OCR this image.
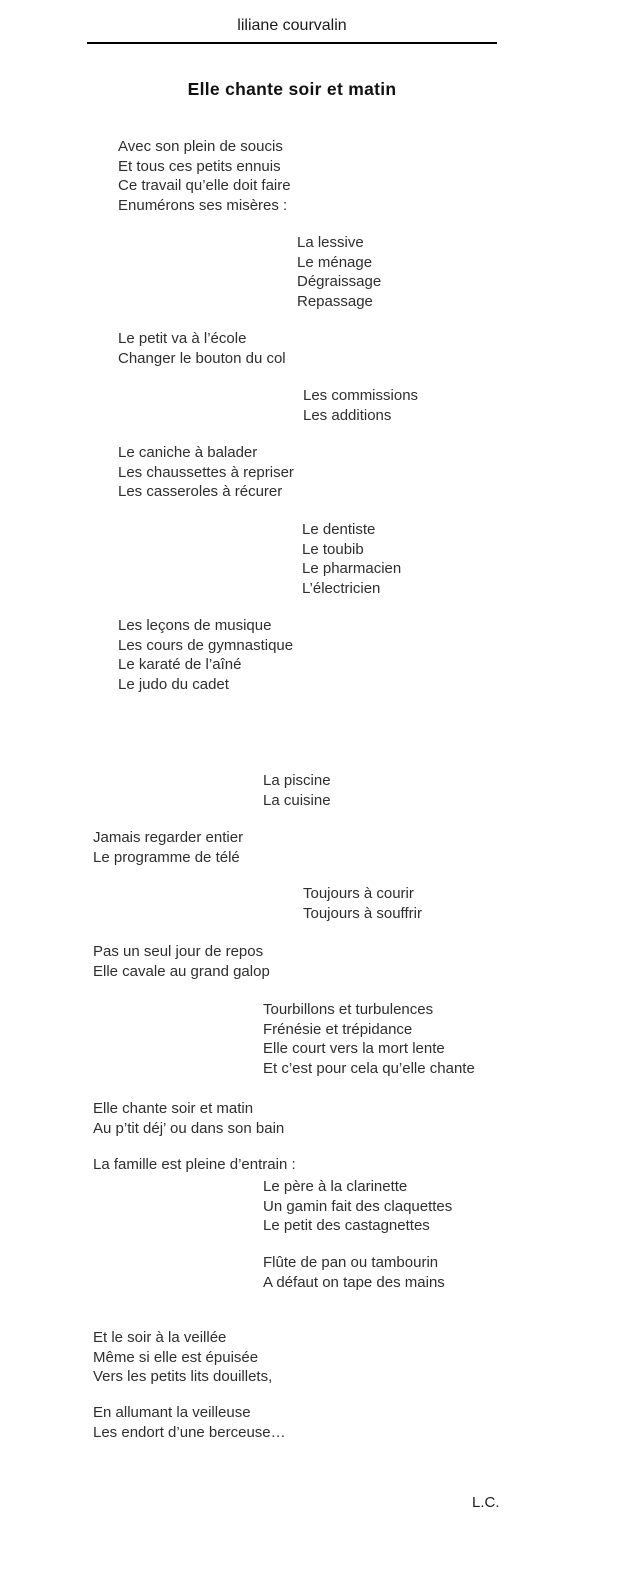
liliane courvalin
Elle chante soir et matin
Avec son plein de soucis
Et tous ces petits ennuis
Ce travail qu’elle doit faire
Enumérons ses misères :
La lessive
Le ménage
Dégraissage
Repassage
Le petit va à l’école
Changer le bouton du col
Les commissions
Les additions
Le caniche à balader
Les chaussettes à repriser
Les casseroles à récurer
Le dentiste
Le toubib
Le pharmacien
L’électricien
Les leçons de musique
Les cours de gymnastique
Le karaté de l’aîné
Le judo du cadet
La piscine
La cuisine
Jamais regarder entier
Le programme de télé
Toujours à courir
Toujours à souffrir
Pas un seul jour de repos
Elle cavale au grand galop
Tourbillons et turbulences
Frénésie et trépidance
Elle court vers la mort lente
Et c’est pour cela qu’elle chante
Elle chante soir et matin
Au p’tit déj’ ou dans son bain
La famille est pleine d’entrain :
Le père à la clarinette
Un gamin fait des claquettes
Le petit des castagnettes
Flûte de pan ou tambourin
A défaut on tape des mains
Et le soir à la veillée
Même si elle est épuisée
Vers les petits lits douillets,
En allumant la veilleuse
Les endort d’une berceuse…
L.C.
